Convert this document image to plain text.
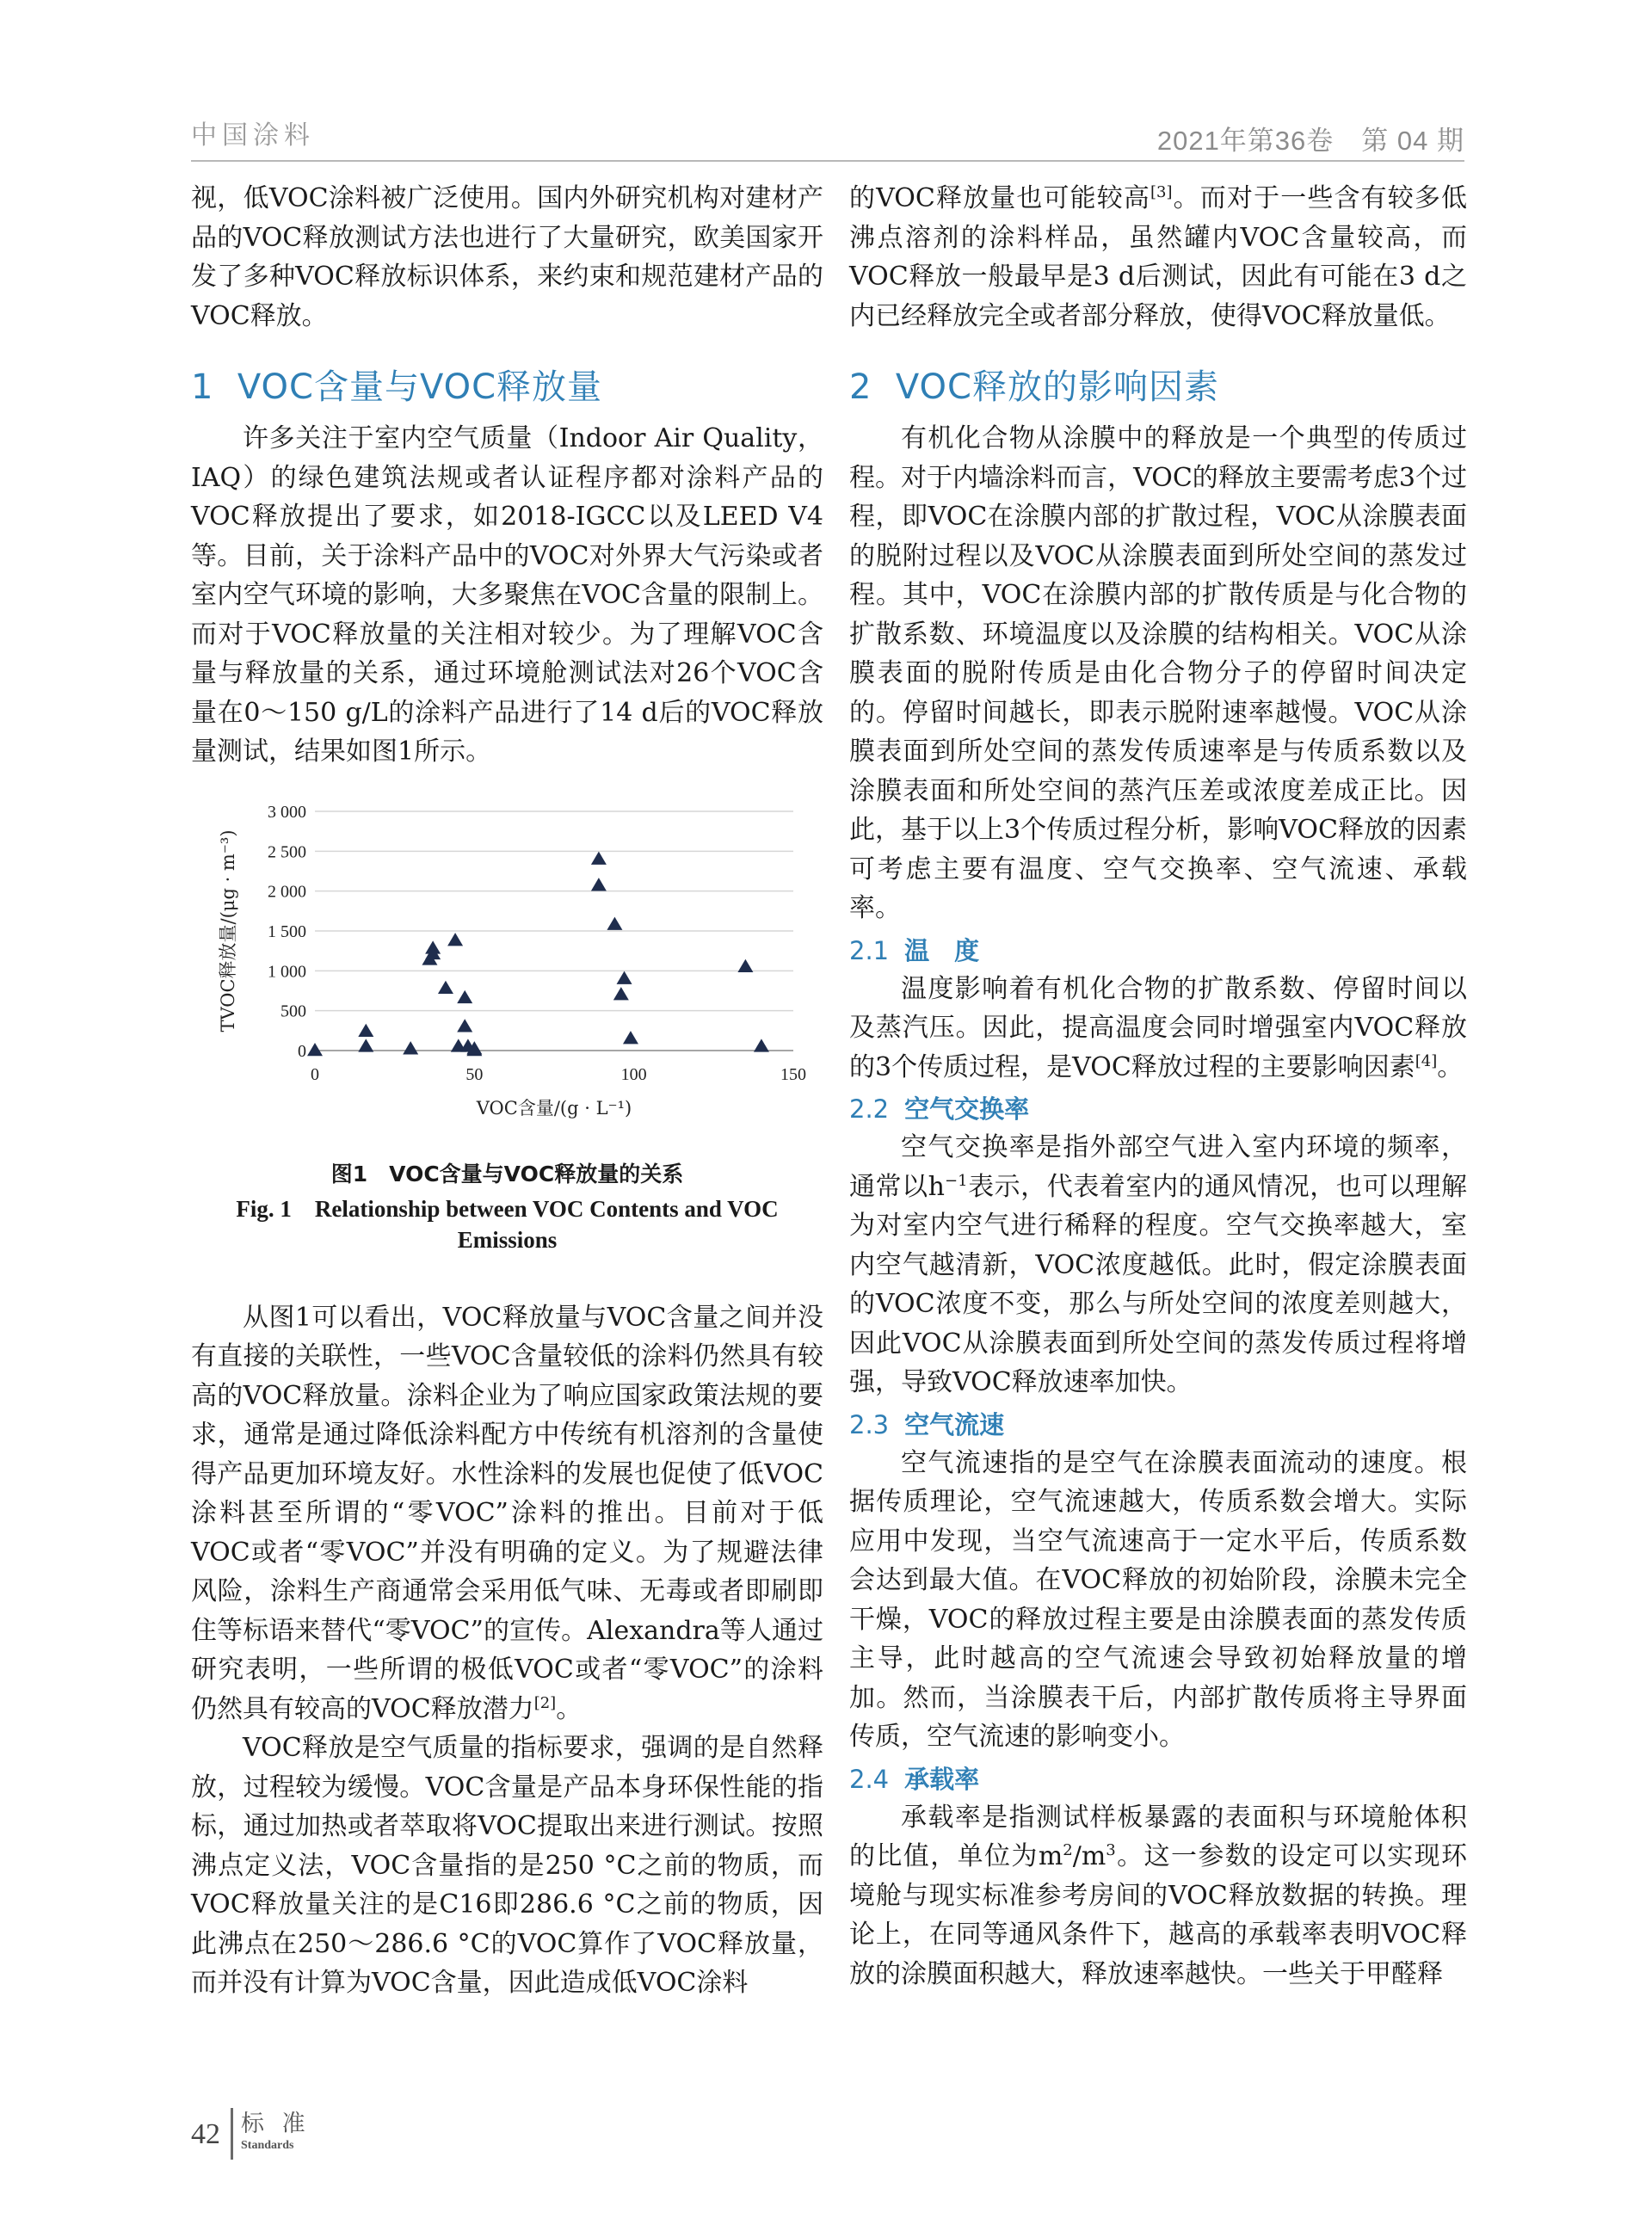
中国涂料	2021年第36卷　第 04 期

视，低VOC涂料被广泛使用。国内外研究机构对建材产品的VOC释放测试方法也进行了大量研究，欧美国家开发了多种VOC释放标识体系，来约束和规范建材产品的VOC释放。

1 VOC含量与VOC释放量

许多关注于室内空气质量（Indoor Air Quality，IAQ）的绿色建筑法规或者认证程序都对涂料产品的VOC释放提出了要求，如2018-IGCC以及LEED V4等。目前，关于涂料产品中的VOC对外界大气污染或者室内空气环境的影响，大多聚焦在VOC含量的限制上。而对于VOC释放量的关注相对较少。为了理解VOC含量与释放量的关系，通过环境舱测试法对26个VOC含量在0～150 g/L的涂料产品进行了14 d后的VOC释放量测试，结果如图1所示。

0
500
1 000
1 500
2 000
2 500
3 000
0	50	100	150
VOC含量/(g · L⁻¹)
TVOC释放量/(μg · m⁻³)
图1　VOC含量与VOC释放量的关系
Fig. 1　Relationship between VOC Contents and VOC Emissions

从图1可以看出，VOC释放量与VOC含量之间并没有直接的关联性，一些VOC含量较低的涂料仍然具有较高的VOC释放量。涂料企业为了响应国家政策法规的要求，通常是通过降低涂料配方中传统有机溶剂的含量使得产品更加环境友好。水性涂料的发展也促使了低VOC涂料甚至所谓的“零VOC”涂料的推出。目前对于低VOC或者“零VOC”并没有明确的定义。为了规避法律风险，涂料生产商通常会采用低气味、无毒或者即刷即住等标语来替代“零VOC”的宣传。Alexandra等人通过研究表明，一些所谓的极低VOC或者“零VOC”的涂料仍然具有较高的VOC释放潜力[2]。

VOC释放是空气质量的指标要求，强调的是自然释放，过程较为缓慢。VOC含量是产品本身环保性能的指标，通过加热或者萃取将VOC提取出来进行测试。按照沸点定义法，VOC含量指的是250 °C之前的物质，而VOC释放量关注的是C16即286.6 °C之前的物质，因此沸点在250～286.6 °C的VOC算作了VOC释放量，而并没有计算为VOC含量，因此造成低VOC涂料

的VOC释放量也可能较高[3]。而对于一些含有较多低沸点溶剂的涂料样品，虽然罐内VOC含量较高，而VOC释放一般最早是3 d后测试，因此有可能在3 d之内已经释放完全或者部分释放，使得VOC释放量低。

2 VOC释放的影响因素

有机化合物从涂膜中的释放是一个典型的传质过程。对于内墙涂料而言，VOC的释放主要需考虑3个过程，即VOC在涂膜内部的扩散过程，VOC从涂膜表面的脱附过程以及VOC从涂膜表面到所处空间的蒸发过程。其中，VOC在涂膜内部的扩散传质是与化合物的扩散系数、环境温度以及涂膜的结构相关。VOC从涂膜表面的脱附传质是由化合物分子的停留时间决定的。停留时间越长，即表示脱附速率越慢。VOC从涂膜表面到所处空间的蒸发传质速率是与传质系数以及涂膜表面和所处空间的蒸汽压差或浓度差成正比。因此，基于以上3个传质过程分析，影响VOC释放的因素可考虑主要有温度、空气交换率、空气流速、承载率。

2.1 温　度

温度影响着有机化合物的扩散系数、停留时间以及蒸汽压。因此，提高温度会同时增强室内VOC释放的3个传质过程，是VOC释放过程的主要影响因素[4]。

2.2 空气交换率

空气交换率是指外部空气进入室内环境的频率，通常以$h^{-1}$表示，代表着室内的通风情况，也可以理解为对室内空气进行稀释的程度。空气交换率越大，室内空气越清新，VOC浓度越低。此时，假定涂膜表面的VOC浓度不变，那么与所处空间的浓度差则越大，因此VOC从涂膜表面到所处空间的蒸发传质过程将增强，导致VOC释放速率加快。

2.3 空气流速

空气流速指的是空气在涂膜表面流动的速度。根据传质理论，空气流速越大，传质系数会增大。实际应用中发现，当空气流速高于一定水平后，传质系数会达到最大值。在VOC释放的初始阶段，涂膜未完全干燥，VOC的释放过程主要是由涂膜表面的蒸发传质主导，此时越高的空气流速会导致初始释放量的增加。然而，当涂膜表干后，内部扩散传质将主导界面传质，空气流速的影响变小。

2.4 承载率

承载率是指测试样板暴露的表面积与环境舱体积的比值，单位为$m^2/m^3$。这一参数的设定可以实现环境舱与现实标准参考房间的VOC释放数据的转换。理论上，在同等通风条件下，越高的承载率表明VOC释放的涂膜面积越大，释放速率越快。一些关于甲醛释

42 标 准
Standards
